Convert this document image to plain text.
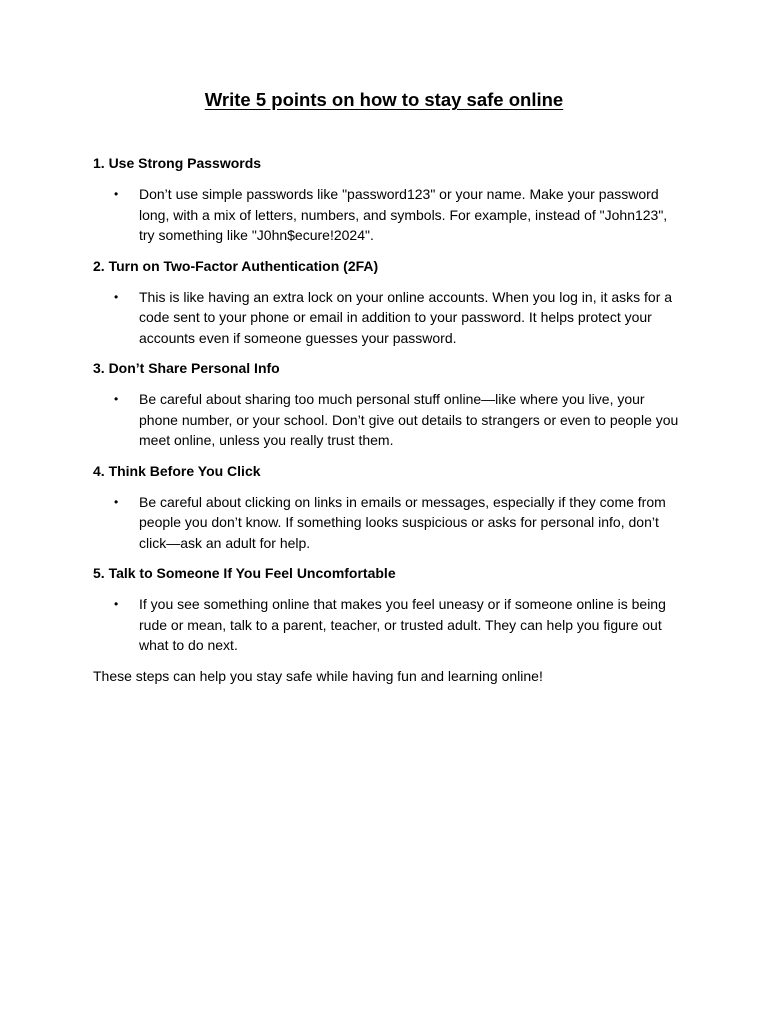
Write 5 points on how to stay safe online

1. Use Strong Passwords

• Don’t use simple passwords like "password123" or your name. Make your password long, with a mix of letters, numbers, and symbols. For example, instead of "John123", try something like "J0hn$ecure!2024".

2. Turn on Two-Factor Authentication (2FA)

• This is like having an extra lock on your online accounts. When you log in, it asks for a code sent to your phone or email in addition to your password. It helps protect your accounts even if someone guesses your password.

3. Don’t Share Personal Info

• Be careful about sharing too much personal stuff online—like where you live, your phone number, or your school. Don’t give out details to strangers or even to people you meet online, unless you really trust them.

4. Think Before You Click

• Be careful about clicking on links in emails or messages, especially if they come from people you don’t know. If something looks suspicious or asks for personal info, don’t click—ask an adult for help.

5. Talk to Someone If You Feel Uncomfortable

• If you see something online that makes you feel uneasy or if someone online is being rude or mean, talk to a parent, teacher, or trusted adult. They can help you figure out what to do next.

These steps can help you stay safe while having fun and learning online!
